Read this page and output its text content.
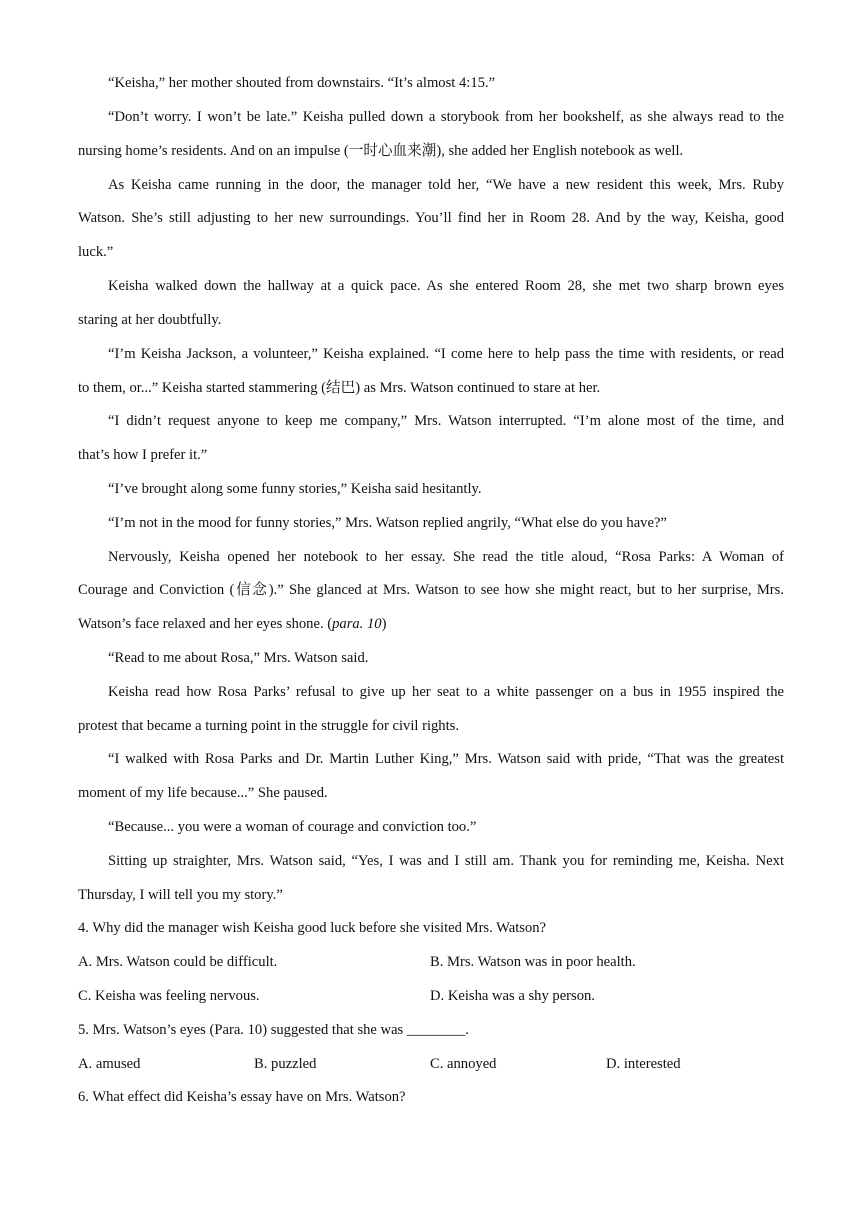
“Keisha,” her mother shouted from downstairs. “It’s almost 4:15.”
“Don’t worry. I won’t be late.” Keisha pulled down a storybook from her bookshelf, as she always read to the
nursing home’s residents. And on an impulse (一时心血来潮), she added her English notebook as well.
As Keisha came running in the door, the manager told her, “We have a new resident this week, Mrs. Ruby
Watson. She’s still adjusting to her new surroundings. You’ll find her in Room 28. And by the way, Keisha, good
luck.”
Keisha walked down the hallway at a quick pace. As she entered Room 28, she met two sharp brown eyes
staring at her doubtfully.
“I’m Keisha Jackson, a volunteer,” Keisha explained. “I come here to help pass the time with residents, or read
to them, or...” Keisha started stammering (结巴) as Mrs. Watson continued to stare at her.
“I didn’t request anyone to keep me company,” Mrs. Watson interrupted. “I’m alone most of the time, and
that’s how I prefer it.”
“I’ve brought along some funny stories,” Keisha said hesitantly.
“I’m not in the mood for funny stories,” Mrs. Watson replied angrily, “What else do you have?”
Nervously, Keisha opened her notebook to her essay. She read the title aloud, “Rosa Parks: A Woman of
Courage and Conviction (信念).” She glanced at Mrs. Watson to see how she might react, but to her surprise, Mrs.
Watson’s face relaxed and her eyes shone. (para. 10)
“Read to me about Rosa,” Mrs. Watson said.
Keisha read how Rosa Parks’ refusal to give up her seat to a white passenger on a bus in 1955 inspired the
protest that became a turning point in the struggle for civil rights.
“I walked with Rosa Parks and Dr. Martin Luther King,” Mrs. Watson said with pride, “That was the greatest
moment of my life because...” She paused.
“Because... you were a woman of courage and conviction too.”
Sitting up straighter, Mrs. Watson said, “Yes, I was and I still am. Thank you for reminding me, Keisha. Next
Thursday, I will tell you my story.”
4. Why did the manager wish Keisha good luck before she visited Mrs. Watson?
A. Mrs. Watson could be difficult.	B. Mrs. Watson was in poor health.
C. Keisha was feeling nervous.	D. Keisha was a shy person.
5. Mrs. Watson’s eyes (Para. 10) suggested that she was ________.
A. amused	B. puzzled	C. annoyed	D. interested
6. What effect did Keisha’s essay have on Mrs. Watson?
